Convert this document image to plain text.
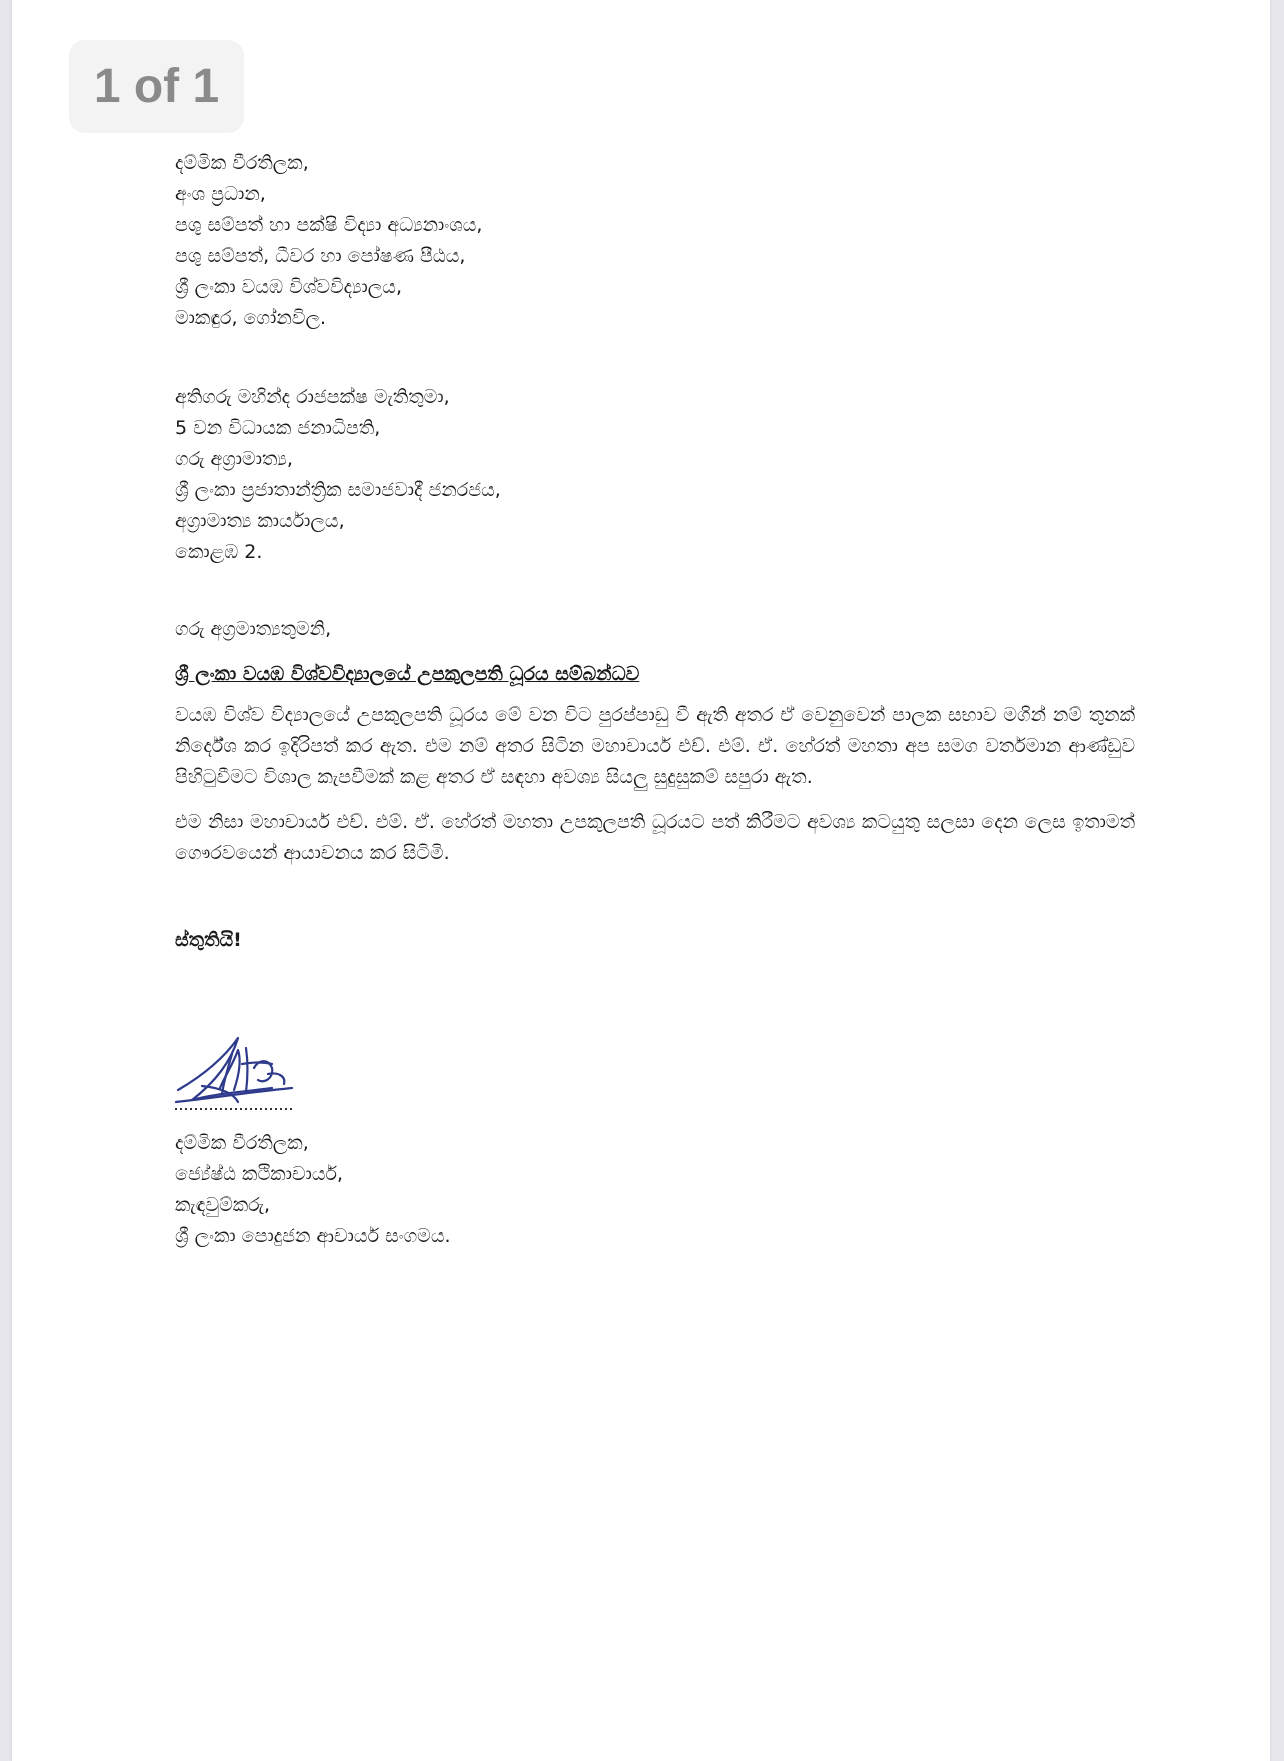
1 of 1
දම්මික වීරතිලක,
අංශ ප්‍රධාන,
පශු සම්පත් හා පක්ෂි විද්‍යා අධ්‍යනාංශය,
පශු සම්පත්, ධීවර හා පෝෂණ පීඨය,
ශ්‍රී ලංකා වයඹ විශ්වවිද්‍යාලය,
මාකඳුර, ගෝනවිල.
අතිගරු මහින්ද රාජපක්ෂ මැතිතුමා,
5 වන විධායක ජනාධිපති,
ගරු අග්‍රාමාත්‍ය,
ශ්‍රී ලංකා ප්‍රජාතාන්ත්‍රික සමාජවාදී ජනරජය,
අග්‍රාමාත්‍ය කාර්යාලය,
කොළඹ 2.
ගරු අග්‍රමාත්‍යතුමනි,
ශ්‍රී ලංකා වයඹ විශ්වවිද්‍යාලයේ උපකුලපති ධූරය සම්බන්ධව
වයඹ විශ්ව විද්‍යාලයේ උපකුලපති ධූරය මේ වන විට පුරප්පාඩු වී ඇති අතර ඒ වෙනුවෙන් පාලක සභාව මගින් නම් තුනක් නිර්දේශ කර ඉදිරිපත් කර ඇත. එම නම් අතර සිටින මහාචාර්ය එච්. එම්. ඒ. හේරත් මහතා අප සමග වර්තමාන ආණ්ඩුව පිහිටුවීමට විශාල කැපවීමක් කළ අතර ඒ සඳහා අවශ්‍ය සියලු සුදුසුකම් සපුරා ඇත.
එම නිසා මහාචාර්ය එච්. එම්. ඒ. හේරත් මහතා උපකුලපති ධූරයට පත් කිරීමට අවශ්‍ය කටයුතු සලසා දෙන ලෙස ඉතාමත් ගෞරවයෙන් ආයාචනය කර සිටිමි.
ස්තුතියි!
දම්මික වීරතිලක,
ජ්‍යේෂ්ඨ කථිකාචාර්ය,
කැඳවුම්කරු,
ශ්‍රී ලංකා පොදුජන ආචාර්ය සංගමය.
